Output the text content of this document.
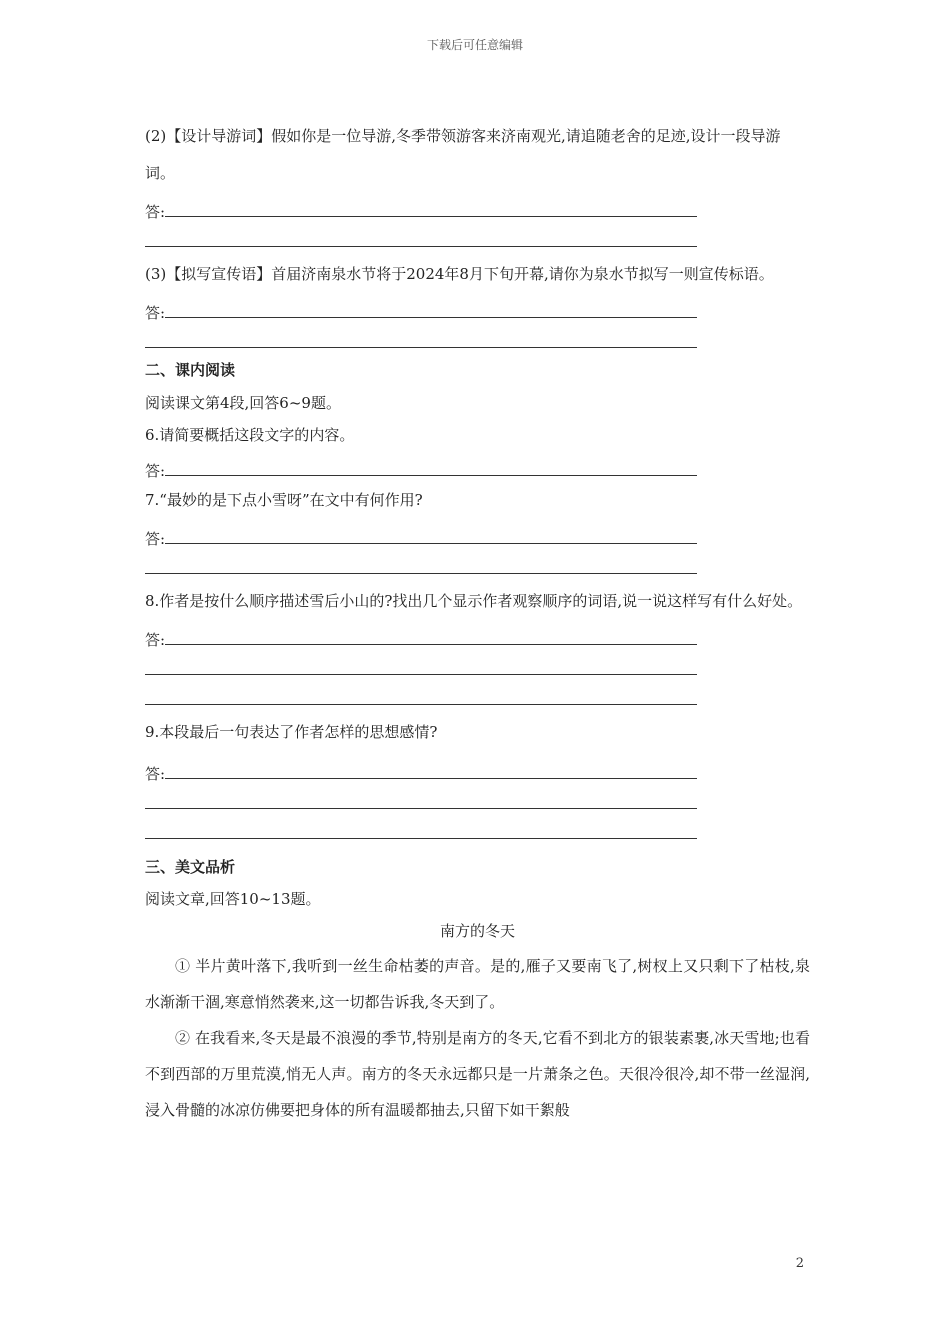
下载后可任意编辑

(2)【设计导游词】假如你是一位导游,冬季带领游客来济南观光,请追随老舍的足迹,设计一段导游词。

答:

(3)【拟写宣传语】首届济南泉水节将于2024年8月下旬开幕,请你为泉水节拟写一则宣传标语。

答:

二、课内阅读

阅读课文第4段,回答6~9题。

6.请简要概括这段文字的内容。

答:

7.“最妙的是下点小雪呀”在文中有何作用?

答:

8.作者是按什么顺序描述雪后小山的?找出几个显示作者观察顺序的词语,说一说这样写有什么好处。

答:

9.本段最后一句表达了作者怎样的思想感情?

答:

三、美文品析

阅读文章,回答10~13题。

南方的冬天

① 半片黄叶落下,我听到一丝生命枯萎的声音。是的,雁子又要南飞了,树杈上又只剩下了枯枝,泉水渐渐干涸,寒意悄然袭来,这一切都告诉我,冬天到了。

② 在我看来,冬天是最不浪漫的季节,特别是南方的冬天,它看不到北方的银装素裹,冰天雪地;也看不到西部的万里荒漠,悄无人声。南方的冬天永远都只是一片萧条之色。天很冷很冷,却不带一丝湿润,浸入骨髓的冰凉仿佛要把身体的所有温暖都抽去,只留下如干絮般

2
